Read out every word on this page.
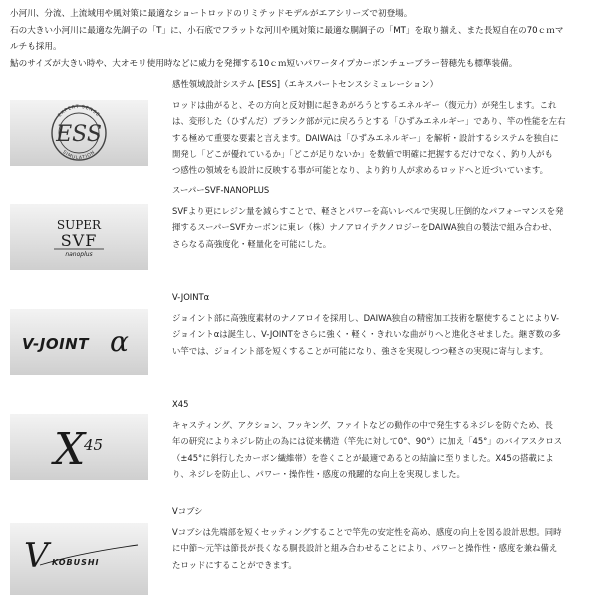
小河川、分流、上流域用や風対策に最適なショートロッドのリミテッドモデルがエアシリーズで初登場。

石の大きい小河川に最適な先調子の「T」に、小石底でフラットな河川や風対策に最適な胴調子の「MT」を取り揃え、また長短自在の70ｃｍマ

ルチも採用。

鮎のサイズが大きい時や、大オモリ使用時などに威力を発揮する10ｃｍ短いパワータイプカーボンチューブラー替穂先も標準装備。

EXPERT SENSE
SIMULATION
ESS
感性領域設計システム [ESS]（エキスパートセンスシミュレーション）

ロッドは曲がると、その方向と反対側に起きあがろうとするエネルギー（復元力）が発生します。これ

は、変形した（ひずんだ）ブランク部が元に戻ろうとする「ひずみエネルギー」であり、竿の性能を左右

する極めて重要な要素と言えます。DAIWAは「ひずみエネルギー」を解析・設計するシステムを独自に

開発し「どこが優れているか」「どこが足りないか」を数値で明確に把握するだけでなく、釣り人がも

つ感性の領域をも設計に反映する事が可能となり、より釣り人が求めるロッドへと近づいています。

SUPER
SVF
nanoplus
スーパーSVF-NANOPLUS

SVFより更にレジン量を減らすことで、軽さとパワーを高いレベルで実現し圧倒的なパフォーマンスを発

揮するスーパーSVFカーボンに東レ（株）ナノアロイテクノロジーをDAIWA独自の製法で組み合わせ、

さらなる高強度化・軽量化を可能にした。

V-JOINT α
V-JOINTα

ジョイント部に高強度素材のナノアロイを採用し、DAIWA独自の精密加工技術を駆使することによりV-

ジョイントαは誕生し、V-JOINTをさらに強く・軽く・きれいな曲がりへと進化させました。継ぎ数の多

い竿では、ジョイント部を短くすることが可能になり、強さを実現しつつ軽さの実現に寄与します。

X
45
X45

キャスティング、アクション、フッキング、ファイトなどの動作の中で発生するネジレを防ぐため、長

年の研究によりネジレ防止の為には従来構造（竿先に対して0°、90°）に加え「45°」のバイアスクロス

（±45°に斜行したカーボン繊維帯）を巻くことが最適であるとの結論に至りました。X45の搭載によ

り、ネジレを防止し、パワー・操作性・感度の飛躍的な向上を実現しました。

V KOBUSHI
Vコブシ

Vコブシは先端部を短くセッティングすることで竿先の安定性を高め、感度の向上を図る設計思想。同時

に中節～元竿は節長が長くなる胴長設計と組み合わせることにより、パワーと操作性・感度を兼ね備え

たロッドにすることができます。
